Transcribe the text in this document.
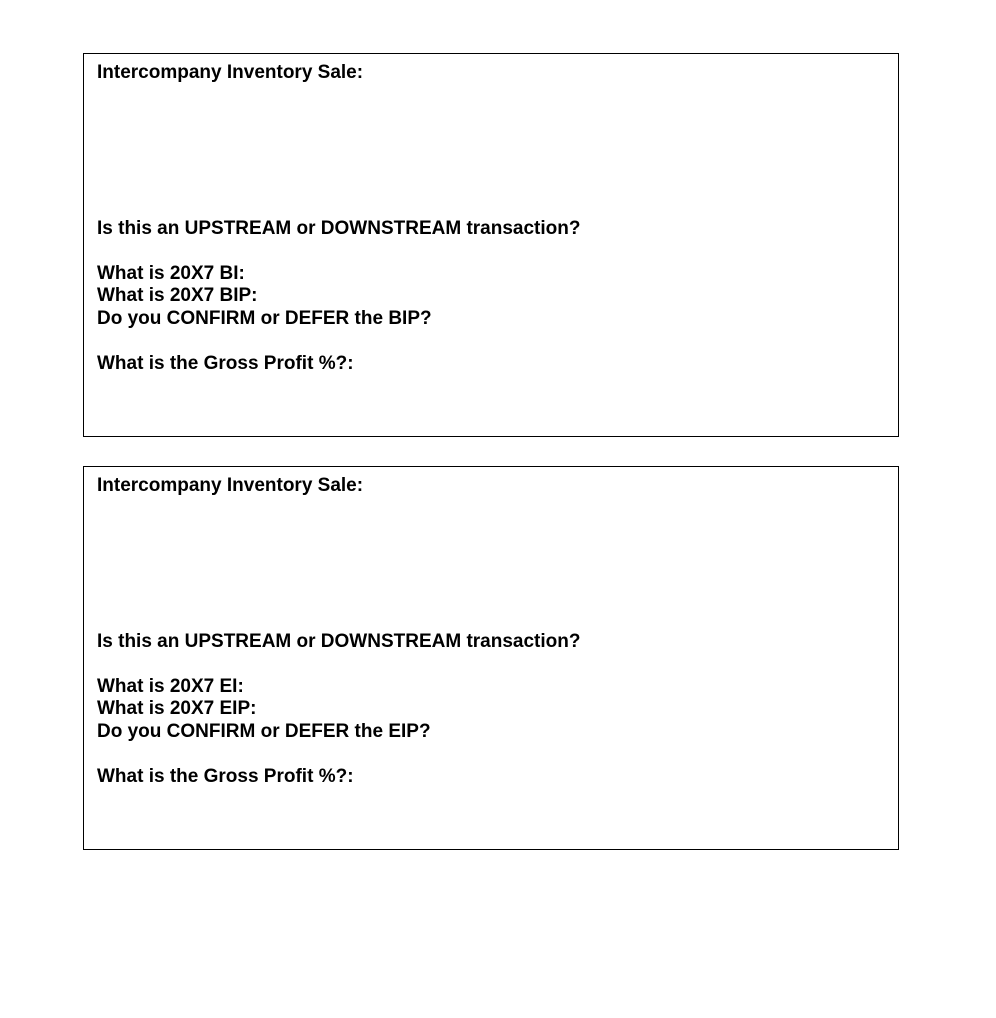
Intercompany Inventory Sale:

Is this an UPSTREAM or DOWNSTREAM transaction?

What is 20X7 BI:

What is 20X7 BIP:

Do you CONFIRM or DEFER the BIP?

What is the Gross Profit %?:

Intercompany Inventory Sale:

Is this an UPSTREAM or DOWNSTREAM transaction?

What is 20X7 EI:

What is 20X7 EIP:

Do you CONFIRM or DEFER the EIP?

What is the Gross Profit %?:
